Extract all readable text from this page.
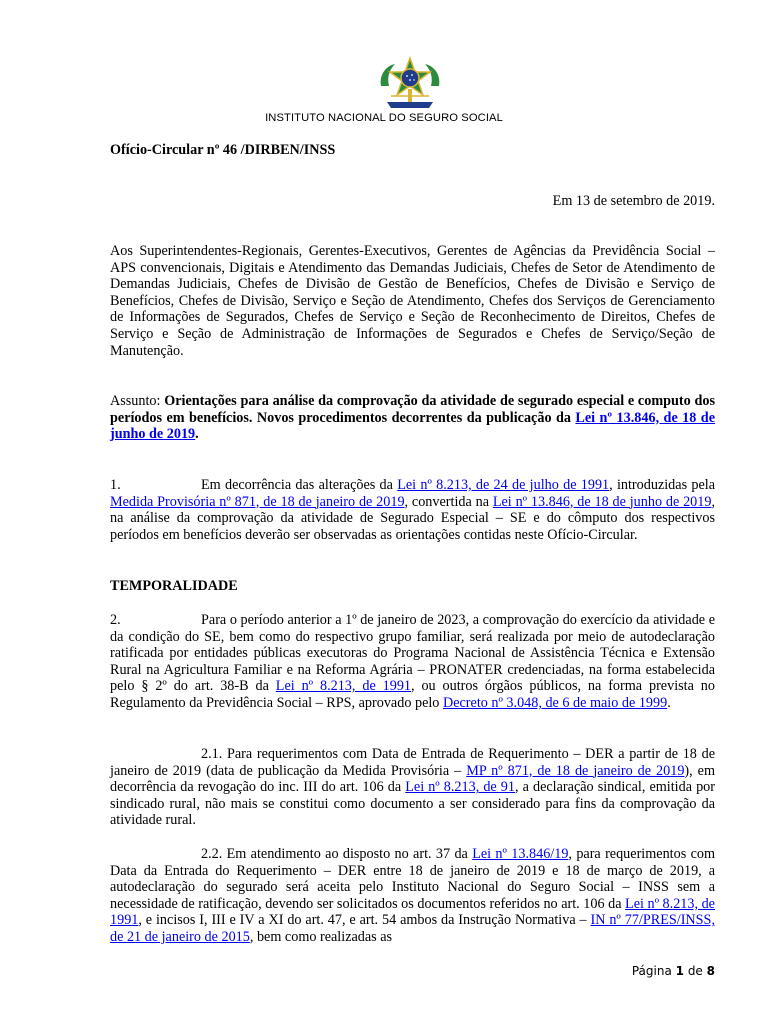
INSTITUTO NACIONAL DO SEGURO SOCIAL
Ofício-Circular nº 46 /DIRBEN/INSS
Em 13 de setembro de 2019.
Aos Superintendentes-Regionais, Gerentes-Executivos, Gerentes de Agências da Previdência Social – APS convencionais, Digitais e Atendimento das Demandas Judiciais, Chefes de Setor de Atendimento de Demandas Judiciais, Chefes de Divisão de Gestão de Benefícios, Chefes de Divisão e Serviço de Benefícios, Chefes de Divisão, Serviço e Seção de Atendimento, Chefes dos Serviços de Gerenciamento de Informações de Segurados, Chefes de Serviço e Seção de Reconhecimento de Direitos, Chefes de Serviço e Seção de Administração de Informações de Segurados e Chefes de Serviço/Seção de Manutenção.
Assunto: Orientações para análise da comprovação da atividade de segurado especial e computo dos períodos em benefícios. Novos procedimentos decorrentes da publicação da Lei nº 13.846, de 18 de junho de 2019.
1.	Em decorrência das alterações da Lei nº 8.213, de 24 de julho de 1991, introduzidas pela Medida Provisória nº 871, de 18 de janeiro de 2019, convertida na Lei nº 13.846, de 18 de junho de 2019, na análise da comprovação da atividade de Segurado Especial – SE e do cômputo dos respectivos períodos em benefícios deverão ser observadas as orientações contidas neste Ofício-Circular.
TEMPORALIDADE
2.	Para o período anterior a 1º de janeiro de 2023, a comprovação do exercício da atividade e da condição do SE, bem como do respectivo grupo familiar, será realizada por meio de autodeclaração ratificada por entidades públicas executoras do Programa Nacional de Assistência Técnica e Extensão Rural na Agricultura Familiar e na Reforma Agrária – PRONATER credenciadas, na forma estabelecida pelo § 2º do art. 38-B da Lei nº 8.213, de 1991, ou outros órgãos públicos, na forma prevista no Regulamento da Previdência Social – RPS, aprovado pelo Decreto nº 3.048, de 6 de maio de 1999.
2.1. Para requerimentos com Data de Entrada de Requerimento – DER a partir de 18 de janeiro de 2019 (data de publicação da Medida Provisória – MP nº 871, de 18 de janeiro de 2019), em decorrência da revogação do inc. III do art. 106 da Lei nº 8.213, de 91, a declaração sindical, emitida por sindicado rural, não mais se constitui como documento a ser considerado para fins da comprovação da atividade rural.
2.2. Em atendimento ao disposto no art. 37 da Lei nº 13.846/19, para requerimentos com Data da Entrada do Requerimento – DER entre 18 de janeiro de 2019 e 18 de março de 2019, a autodeclaração do segurado será aceita pelo Instituto Nacional do Seguro Social – INSS sem a necessidade de ratificação, devendo ser solicitados os documentos referidos no art. 106 da Lei nº 8.213, de 1991, e incisos I, III e IV a XI do art. 47, e art. 54 ambos da Instrução Normativa – IN nº 77/PRES/INSS, de 21 de janeiro de 2015, bem como realizadas as
Página 1 de 8
